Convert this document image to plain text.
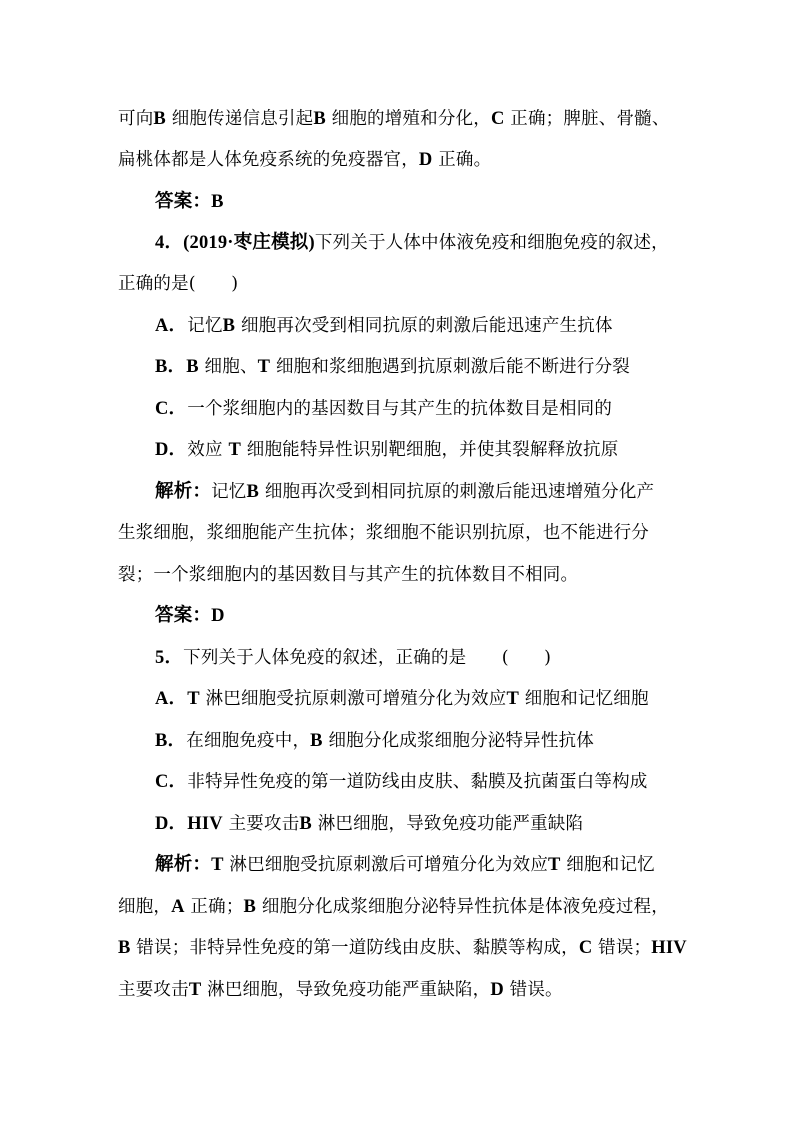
可向B 细胞传递信息引起B 细胞的增殖和分化，C 正确；脾脏、骨髓、
扁桃体都是人体免疫系统的免疫器官，D 正确。
答案：B
4．(2019·枣庄模拟)下列关于人体中体液免疫和细胞免疫的叙述，
正确的是(　　)
A．记忆B 细胞再次受到相同抗原的刺激后能迅速产生抗体
B．B 细胞、T 细胞和浆细胞遇到抗原刺激后能不断进行分裂
C．一个浆细胞内的基因数目与其产生的抗体数目是相同的
D．效应 T 细胞能特异性识别靶细胞，并使其裂解释放抗原
解析：记忆B 细胞再次受到相同抗原的刺激后能迅速增殖分化产
生浆细胞，浆细胞能产生抗体；浆细胞不能识别抗原，也不能进行分
裂；一个浆细胞内的基因数目与其产生的抗体数目不相同。
答案：D
5．下列关于人体免疫的叙述，正确的是　　(　　)
A．T 淋巴细胞受抗原刺激可增殖分化为效应T 细胞和记忆细胞
B．在细胞免疫中，B 细胞分化成浆细胞分泌特异性抗体
C．非特异性免疫的第一道防线由皮肤、黏膜及抗菌蛋白等构成
D．HIV 主要攻击B 淋巴细胞，导致免疫功能严重缺陷
解析：T 淋巴细胞受抗原刺激后可增殖分化为效应T 细胞和记忆
细胞，A 正确；B 细胞分化成浆细胞分泌特异性抗体是体液免疫过程，
B 错误；非特异性免疫的第一道防线由皮肤、黏膜等构成，C 错误；HIV
主要攻击T 淋巴细胞，导致免疫功能严重缺陷，D 错误。
